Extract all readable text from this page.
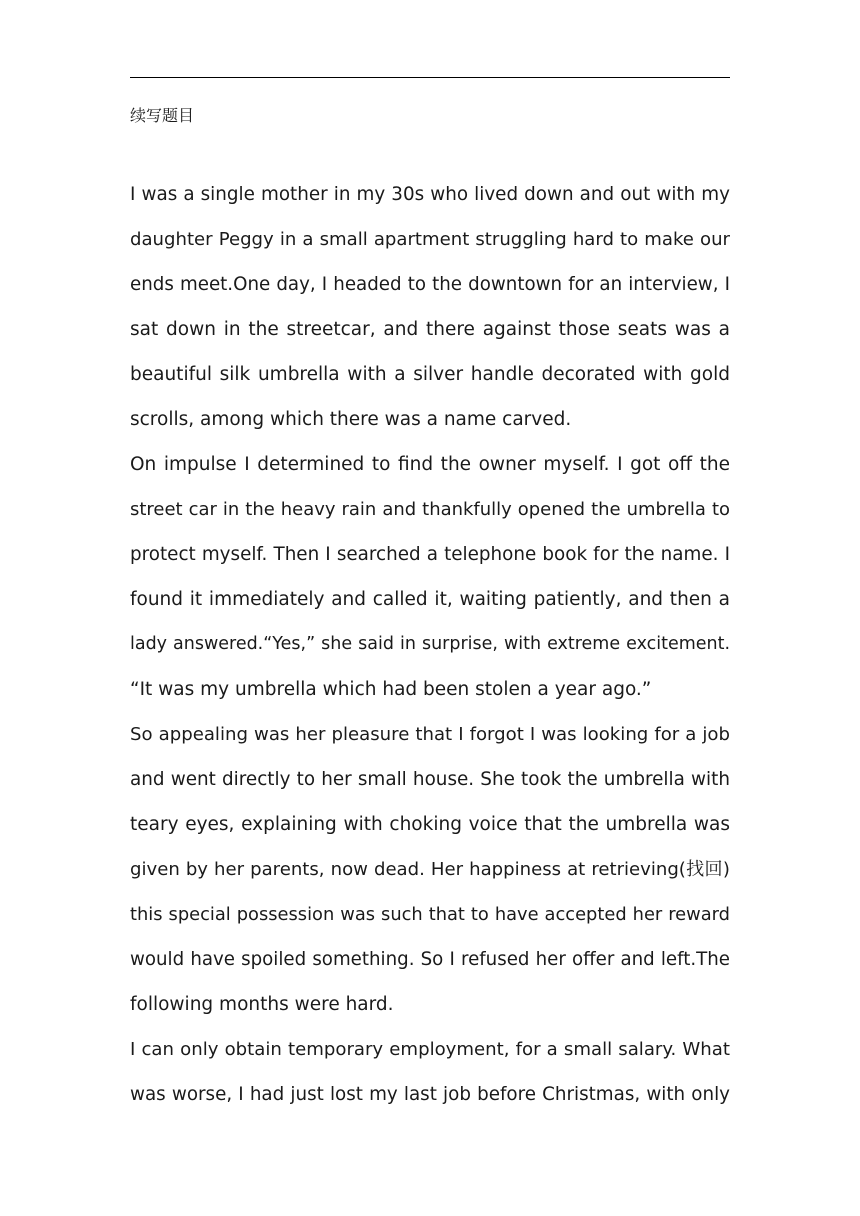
续写题目
I was a single mother in my 30s who lived down and out with my
daughter Peggy in a small apartment struggling hard to make our
ends meet.One day, I headed to the downtown for an interview, I
sat down in the streetcar, and there against those seats was a
beautiful silk umbrella with a silver handle decorated with gold
scrolls, among which there was a name carved.
On impulse I determined to find the owner myself. I got off the
street car in the heavy rain and thankfully opened the umbrella to
protect myself. Then I searched a telephone book for the name. I
found it immediately and called it, waiting patiently, and then a
lady answered.“Yes,” she said in surprise, with extreme excitement.
“It was my umbrella which had been stolen a year ago.”
So appealing was her pleasure that I forgot I was looking for a job
and went directly to her small house. She took the umbrella with
teary eyes, explaining with choking voice that the umbrella was
given by her parents, now dead. Her happiness at retrieving(找回)
this special possession was such that to have accepted her reward
would have spoiled something. So I refused her offer and left.The
following months were hard.
I can only obtain temporary employment, for a small salary. What
was worse, I had just lost my last job before Christmas, with only
